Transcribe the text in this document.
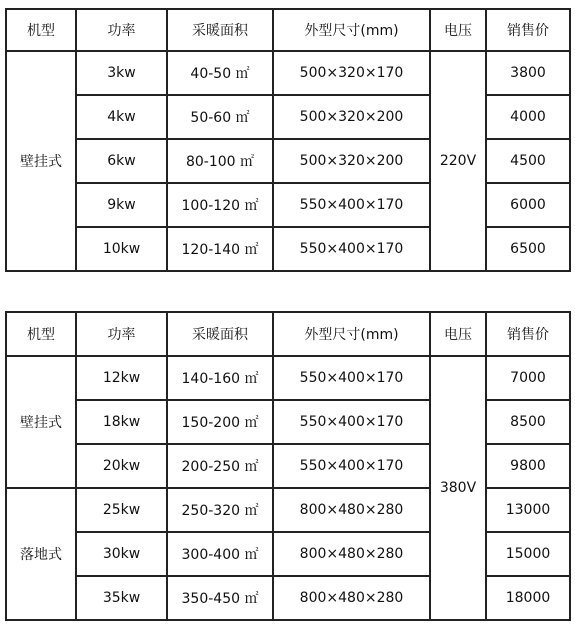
机型	功率	采暖面积	外型尺寸(mm)	电压	销售价
壁挂式	3kw	40-50 ㎡	500×320×170	220V	3800
	4kw	50-60 ㎡	500×320×200		4000
	6kw	80-100 ㎡	500×320×200		4500
	9kw	100-120 ㎡	550×400×170		6000
	10kw	120-140 ㎡	550×400×170		6500
机型	功率	采暖面积	外型尺寸(mm)	电压	销售价
壁挂式	12kw	140-160 ㎡	550×400×170	380V	7000
	18kw	150-200 ㎡	550×400×170		8500
	20kw	200-250 ㎡	550×400×170		9800
落地式	25kw	250-320 ㎡	800×480×280		13000
	30kw	300-400 ㎡	800×480×280		15000
	35kw	350-450 ㎡	800×480×280		18000
